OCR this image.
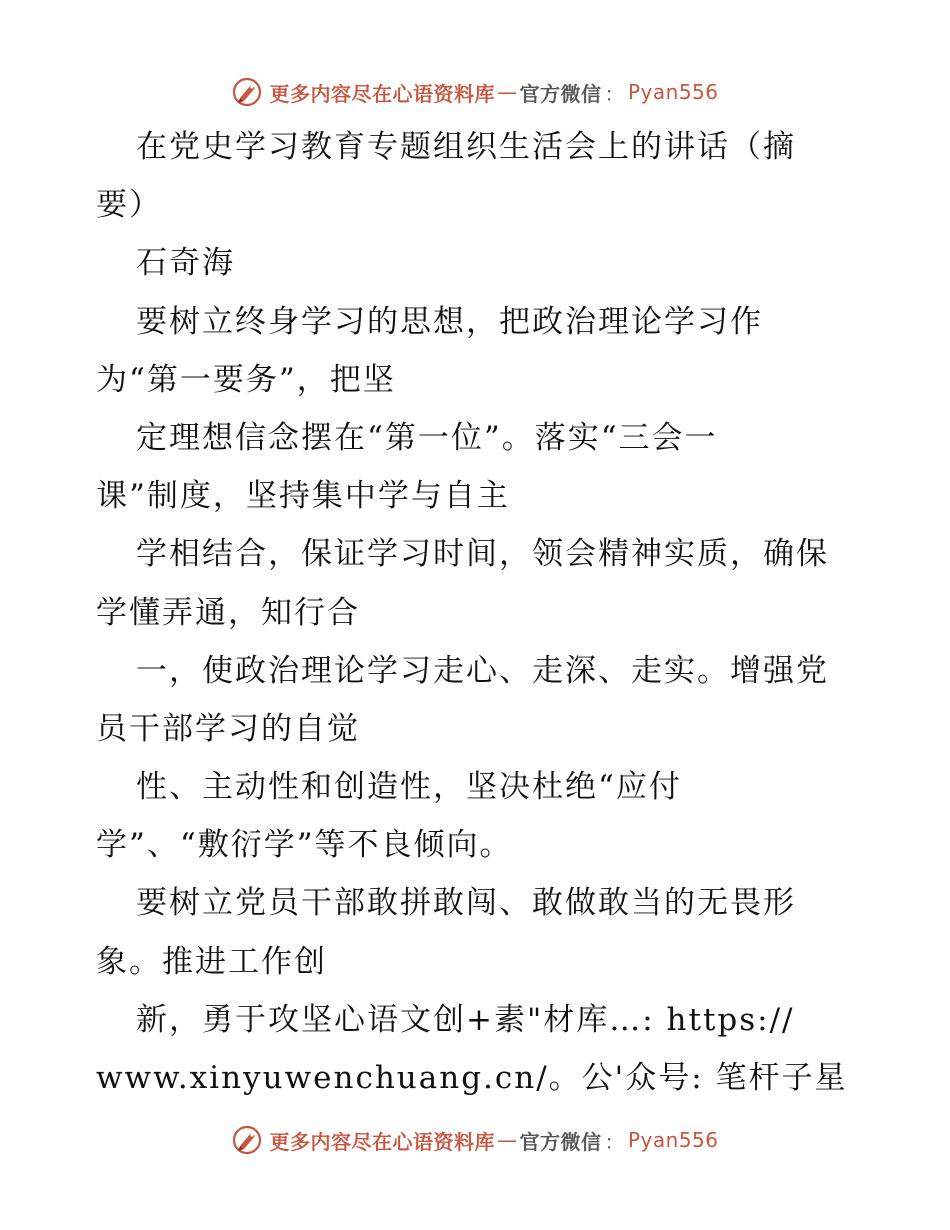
更多内容尽在心语资料库 — 官方微信 ： Pyan556
在党史学习教育专题组织生活会上的讲话（摘
要）
石奇海
要树立终身学习的思想，把政治理论学习作
为“第一要务”，把坚
定理想信念摆在“第一位”。落实“三会一
课”制度，坚持集中学与自主
学相结合，保证学习时间，领会精神实质，确保
学懂弄通，知行合
一，使政治理论学习走心、走深、走实。增强党
员干部学习的自觉
性、主动性和创造性，坚决杜绝“应付
学”、“敷衍学”等不良倾向。
要树立党员干部敢拼敢闯、敢做敢当的无畏形
象。推进工作创
新，勇于攻坚心语文创+素"材库…: https://
www.xinyuwenchuang.cn/。公'众号: 笔杆子星
更多内容尽在心语资料库 — 官方微信 ： Pyan556
